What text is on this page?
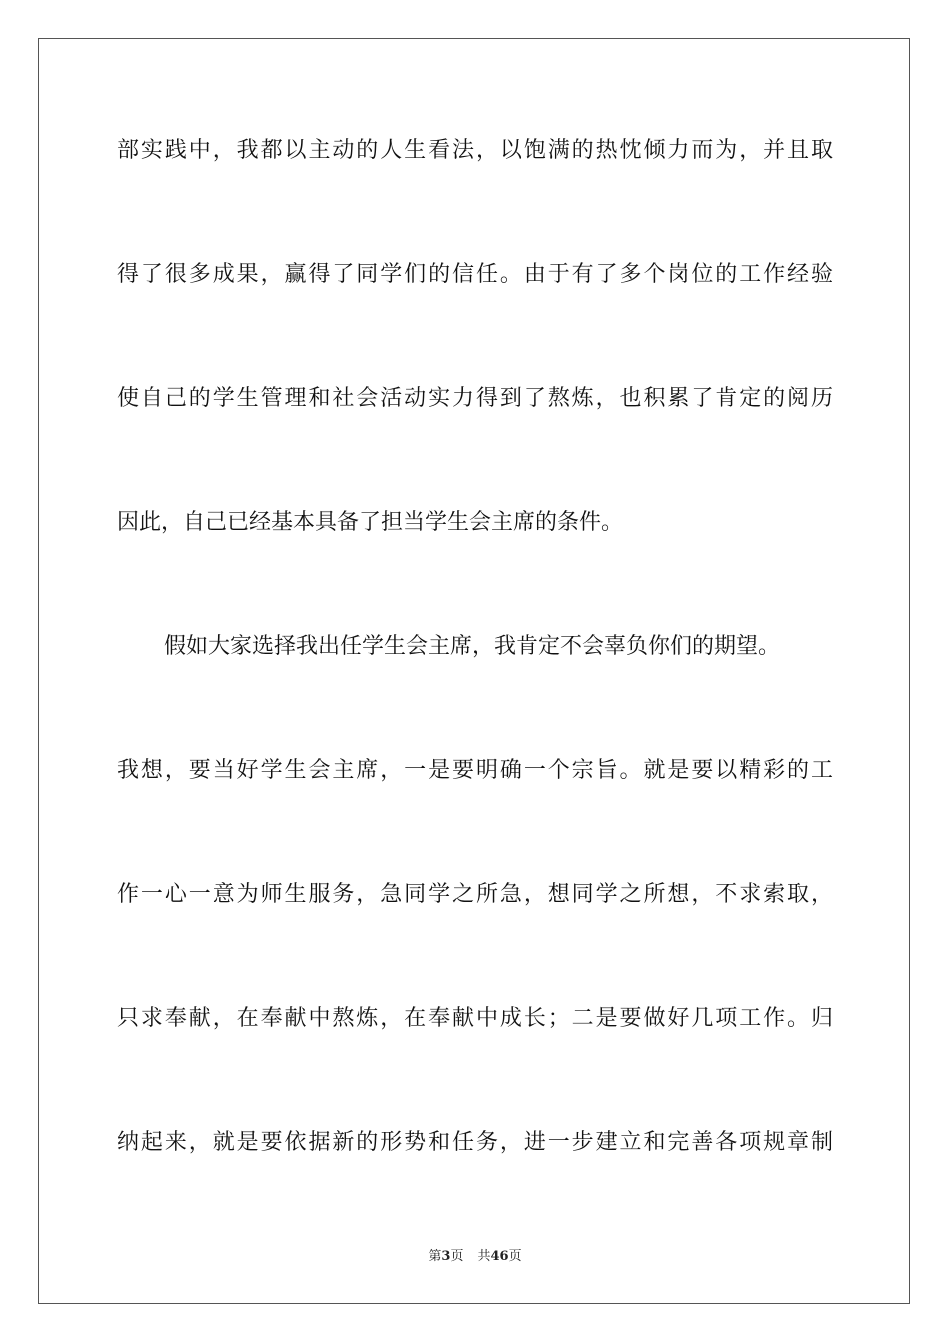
部实践中，我都以主动的人生看法，以饱满的热忱倾力而为，并且取
得了很多成果，赢得了同学们的信任。由于有了多个岗位的工作经验
使自己的学生管理和社会活动实力得到了熬炼，也积累了肯定的阅历
因此，自己已经基本具备了担当学生会主席的条件。
假如大家选择我出任学生会主席，我肯定不会辜负你们的期望。
我想，要当好学生会主席，一是要明确一个宗旨。就是要以精彩的工
作一心一意为师生服务，急同学之所急，想同学之所想，不求索取，
只求奉献，在奉献中熬炼，在奉献中成长；二是要做好几项工作。归
纳起来，就是要依据新的形势和任务，进一步建立和完善各项规章制
第3页 共46页
